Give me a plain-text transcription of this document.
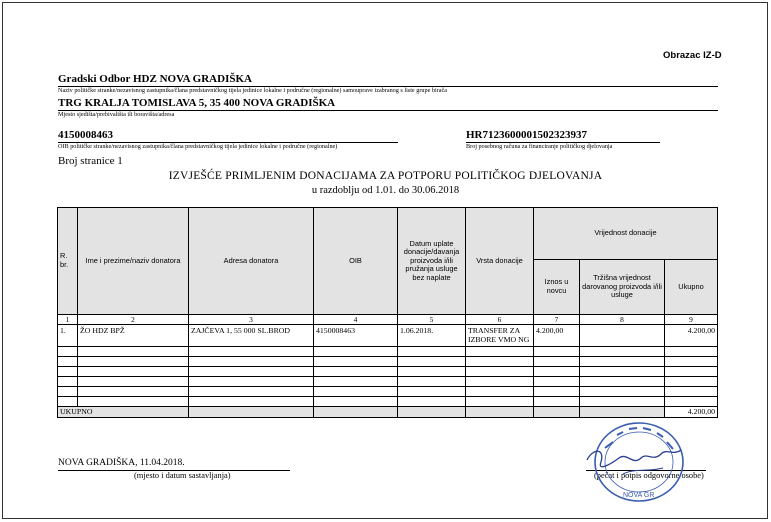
Obrazac IZ-D
Gradski Odbor HDZ NOVA GRADIŠKA
Naziv političke stranke/nezavisnog zastupnika/člana predstavničkog tijela jedinice lokalne i područne (regionalne) samouprave izabranog s liste grupe birača
TRG KRALJA TOMISLAVA 5, 35 400 NOVA GRADIŠKA
Mjesto sjedišta/prebivališta ili boravišta/adresa
4150008463
OIB političke stranke/nezavisnog zastupnika/člana predstavničkog tijela jedinice lokalne i područne (regionalne)
HR7123600001502323937
Broj posebnog računa za financiranje političkog djelovanja
Broj stranice 1
IZVJEŠĆE PRIMLJENIM DONACIJAMA ZA POTPORU POLITIČKOG DJELOVANJA
u razdoblju od 1.01. do 30.06.2018
R. br.	Ime i prezime/naziv donatora	Adresa donatora	OIB	Datum uplate donacije/davanja proizvoda i/ili pružanja usluge bez naplate	Vrsta donacije	Vrijednost donacije		
						Iznos u novcu	Tržišna vrijednost darovanog proizvoda i/ili usluge	Ukupno
1	2	3	4	5	6	7	8	9
1.	ŽO HDZ BPŽ	ZAJČEVA 1, 55 000 SL.BROD	4150008463	1.06.2018.	TRANSFER ZA IZBORE VMO NG	4.200,00		4.200,00

UKUPNO								4.200,00
NOVA GRADIŠKA, 11.04.2018.
(mjesto i datum sastavljanja)	(pečat i potpis odgovorne osobe)
NOVA GR
